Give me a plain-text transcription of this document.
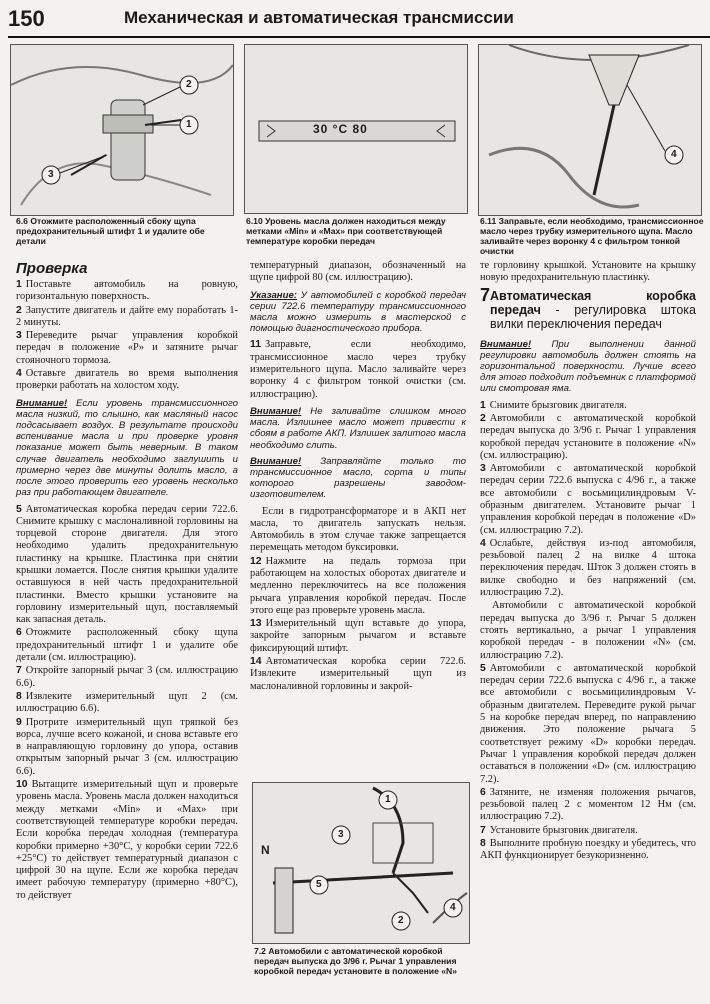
150	Механическая и автоматическая трансмиссии
1
2
3
6.6 Отожмите расположенный сбоку щупа предохранительный штифт 1 и удалите обе детали
30 °C 80
6.10 Уровень масла должен находиться между метками «Min» и «Max» при соответствующей температуре коробки передач
4
6.11 Заправьте, если необходимо, трансмиссионное масло через трубку измерительного щупа. Масло заливайте через воронку 4 с фильтром тонкой очистки
Проверка

1 Поставьте автомобиль на ровную, горизонтальную поверхность.

2 Запустите двигатель и дайте ему поработать 1-2 минуты.

3 Переведите рычаг управления коробкой передач в положение «P» и затяните рычаг стояночного тормоза.

4 Оставьте двигатель во время выполнения проверки работать на холостом ходу.

Внимание! Если уровень трансмиссионного масла низкий, то слышно, как масляный насос подсасывает воздух. В результате происходи вспенивание масла и при проверке уровня показание может быть неверным. В таком случае двигатель необходимо заглушить и примерно через две минуты долить масло, а после этого проверить его уровень несколько раз при работающем двигателе.

5 Автоматическая коробка передач серии 722.6. Снимите крышку с маслоналивной горловины на торцевой стороне двигателя. Для этого необходимо удалить предохранительную пластинку на крышке. Пластинка при снятии крышки ломается. После снятия крышки удалите оставшуюся в ней часть предохранительной пластинки. Вместо крышки установите на горловину измерительный щуп, поставляемый как запасная деталь.

6 Отожмите расположенный сбоку щупа предохранительный штифт 1 и удалите обе детали (см. иллюстрацию).

7 Откройте запорный рычаг 3 (см. иллюстрацию 6.6).

8 Извлеките измерительный щуп 2 (см. иллюстрацию 6.6).

9 Протрите измерительный щуп тряпкой без ворса, лучше всего кожаной, и снова вставьте его в направляющую горловину до упора, оставив открытым запорный рычаг 3 (см. иллюстрацию 6.6).

10 Вытащите измерительный щуп и проверьте уровень масла. Уровень масла должен находиться между метками «Min» и «Max» при соответствующей температуре коробки передач. Если коробка передач холодная (температура коробки примерно +30°C, у коробки серии 722.6 +25°C) то действует температурный диапазон с цифрой 30 на щупе. Если же коробка передач имеет рабочую температуру (примерно +80°C), то действует

температурный диапазон, обозначенный на щупе цифрой 80 (см. иллюстрацию).

Указание: У автомобилей с коробкой передач серии 722.6 температуру трансмиссионного масла можно измерить в мастерской с помощью диагностического прибора.

11 Заправьте, если необходимо, трансмиссионное масло через трубку измерительного щупа. Масло заливайте через воронку 4 с фильтром тонкой очистки (см. иллюстрацию).

Внимание! Не заливайте слишком много масла. Излишнее масло может привести к сбоям в работе АКП. Излишек залитого масла необходимо слить.

Внимание! Заправляйте только то трансмиссионное масло, сорта и типы которого разрешены заводом-изготовителем.

Если в гидротрансформаторе и в АКП нет масла, то двигатель запускать нельзя. Автомобиль в этом случае также запрещается перемещать методом буксировки.

12 Нажмите на педаль тормоза при работающем на холостых оборотах двигателе и медленно переключитесь на все положения рычага управления коробкой передач. После этого еще раз проверьте уровень масла.

13 Измерительный щуп вставьте до упора, закройте запорным рычагом и вставьте фиксирующий штифт.

14 Автоматическая коробка серии 722.6. Извлеките измерительный щуп из маслоналивной горловины и закрой-

1
2
3
4
5
N
7.2 Автомобили с автоматической коробкой передач выпуска до 3/96 г. Рычаг 1 управления коробкой передач установите в положение «N»

те горловину крышкой. Установите на крышку новую предохранительную пластинку.

7 Автоматическая коробка передач - регулировка штока вилки переключения передач

Внимание! При выполнении данной регулировки автомобиль должен стоять на горизонтальной поверхности. Лучше всего для этого подходит подъемник с платформой или смотровая яма.

1 Снимите брызговик двигателя.

2 Автомобили с автоматической коробкой передач выпуска до 3/96 г. Рычаг 1 управления коробкой передач установите в положение «N» (см. иллюстрацию).

3 Автомобили с автоматической коробкой передач серии 722.6 выпуска с 4/96 г., а также все автомобили с восьмицилиндровым V-образным двигателем. Установите рычаг 1 управления коробкой передач в положение «D» (см. иллюстрацию 7.2).

4 Ослабьте, действуя из-под автомобиля, резьбовой палец 2 на вилке 4 штока переключения передач. Шток 3 должен стоять в вилке свободно и без напряжений (см. иллюстрацию 7.2).

Автомобили с автоматической коробкой передач выпуска до 3/96 г. Рычаг 5 должен стоять вертикально, а рычаг 1 управления коробкой передач - в положении «N» (см. иллюстрацию 7.2).

5 Автомобили с автоматической коробкой передач серии 722.6 выпуска с 4/96 г., а также все автомобили с восьмицилиндровым V-образным двигателем. Переведите рукой рычаг 5 на коробке передач вперед, по направлению движения. Это положение рычага 5 соответствует режиму «D» коробки передач. Рычаг 1 управления коробкой передач должен оставаться в положении «D» (см. иллюстрацию 7.2).

6 Затяните, не изменяя положения рычагов, резьбовой палец 2 с моментом 12 Нм (см. иллюстрацию 7.2).

7 Установите брызговик двигателя.

8 Выполните пробную поездку и убедитесь, что АКП функционирует безукоризненно.
